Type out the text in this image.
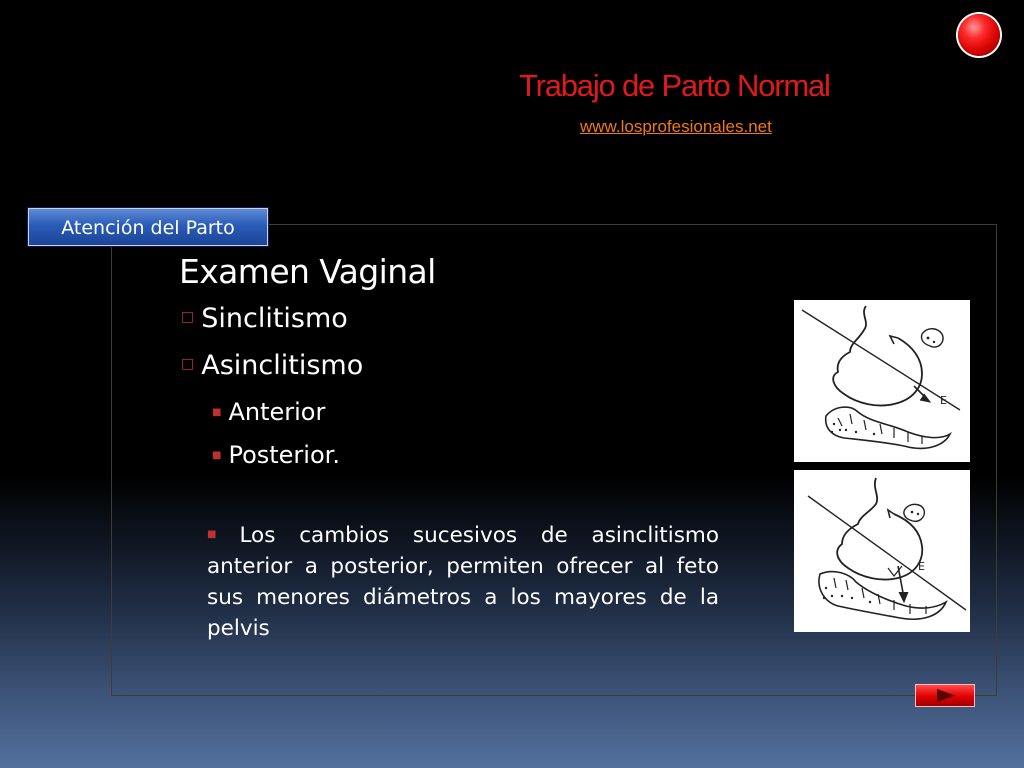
Trabajo de Parto Normal
www.losprofesionales.net
Atención del Parto
Examen Vaginal
□ Sinclitismo
□ Asinclitismo
■ Anterior
■ Posterior.
■ Los cambios sucesivos de asinclitismo anterior a posterior, permiten ofrecer al feto sus menores diámetros a los mayores de la pelvis
E
E
